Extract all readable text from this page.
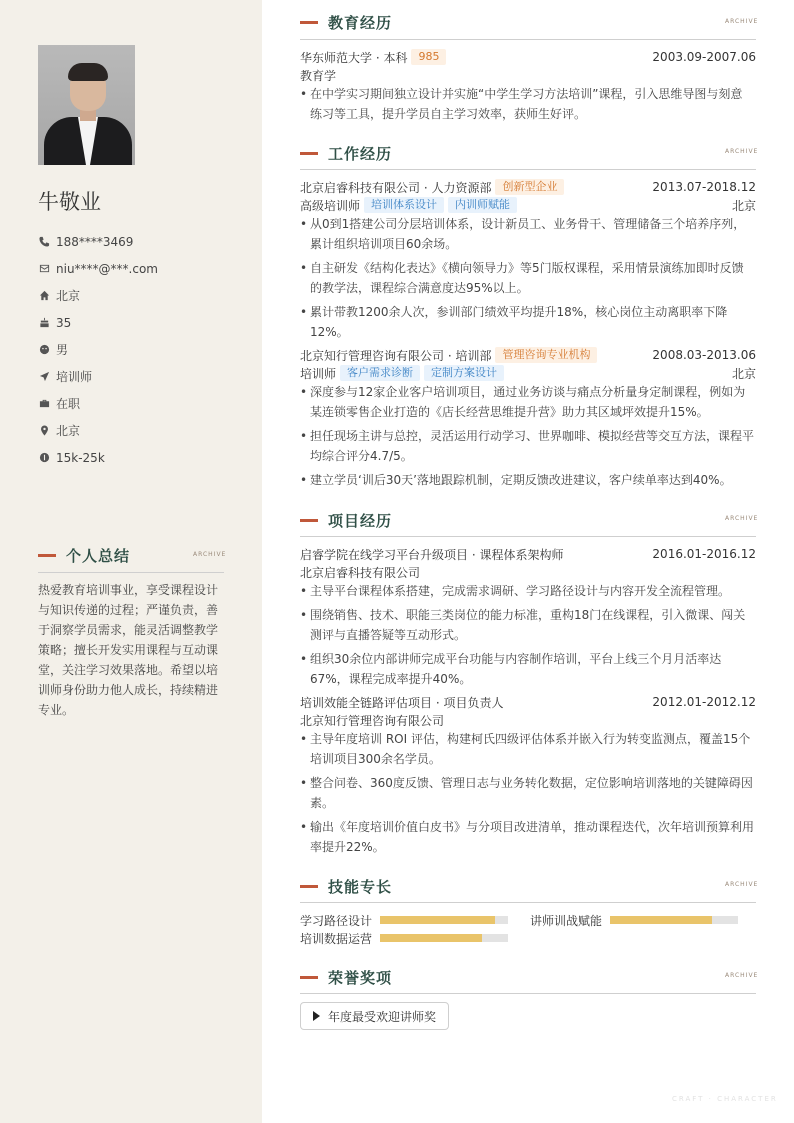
牛敬业
188****3469
niu****@***.com
北京
35
男
培训师
在职
北京
15k-25k
个人总结	ARCHIVE
热爱教育培训事业，享受课程设计与知识传递的过程；严谨负责，善于洞察学员需求，能灵活调整教学策略；擅长开发实用课程与互动课堂，关注学习效果落地。希望以培训师身份助力他人成长，持续精进专业。
教育经历	ARCHIVE
华东师范大学 · 本科	985	2003.09-2007.06
教育学
• 在中学实习期间独立设计并实施“中学生学习方法培训”课程，引入思维导图与刻意练习等工具，提升学员自主学习效率，获师生好评。
工作经历	ARCHIVE
北京启睿科技有限公司 · 人力资源部	创新型企业	2013.07-2018.12
高级培训师	培训体系设计	内训师赋能	北京
• 从0到1搭建公司分层培训体系，设计新员工、业务骨干、管理储备三个培养序列，累计组织培训项目60余场。
• 自主研发《结构化表达》《横向领导力》等5门版权课程，采用情景演练加即时反馈的教学法，课程综合满意度达95%以上。
• 累计带教1200余人次，参训部门绩效平均提升18%，核心岗位主动离职率下降12%。
北京知行管理咨询有限公司 · 培训部	管理咨询专业机构	2008.03-2013.06
培训师	客户需求诊断	定制方案设计	北京
• 深度参与12家企业客户培训项目，通过业务访谈与痛点分析量身定制课程，例如为某连锁零售企业打造的《店长经营思维提升营》助力其区域坪效提升15%。
• 担任现场主讲与总控，灵活运用行动学习、世界咖啡、模拟经营等交互方法，课程平均综合评分4.7/5。
• 建立学员‘训后30天’落地跟踪机制，定期反馈改进建议，客户续单率达到40%。
项目经历	ARCHIVE
启睿学院在线学习平台升级项目 · 课程体系架构师	2016.01-2016.12
北京启睿科技有限公司
• 主导平台课程体系搭建，完成需求调研、学习路径设计与内容开发全流程管理。
• 围绕销售、技术、职能三类岗位的能力标准，重构18门在线课程，引入微课、闯关测评与直播答疑等互动形式。
• 组织30余位内部讲师完成平台功能与内容制作培训，平台上线三个月月活率达67%，课程完成率提升40%。
培训效能全链路评估项目 · 项目负责人	2012.01-2012.12
北京知行管理咨询有限公司
• 主导年度培训 ROI 评估，构建柯氏四级评估体系并嵌入行为转变监测点，覆盖15个培训项目300余名学员。
• 整合问卷、360度反馈、管理日志与业务转化数据，定位影响培训落地的关键障碍因素。
• 输出《年度培训价值白皮书》与分项目改进清单，推动课程迭代，次年培训预算利用率提升22%。
技能专长	ARCHIVE
学习路径设计	讲师训战赋能
培训数据运营
荣誉奖项	ARCHIVE
年度最受欢迎讲师奖
CRAFT · CHARACTER
